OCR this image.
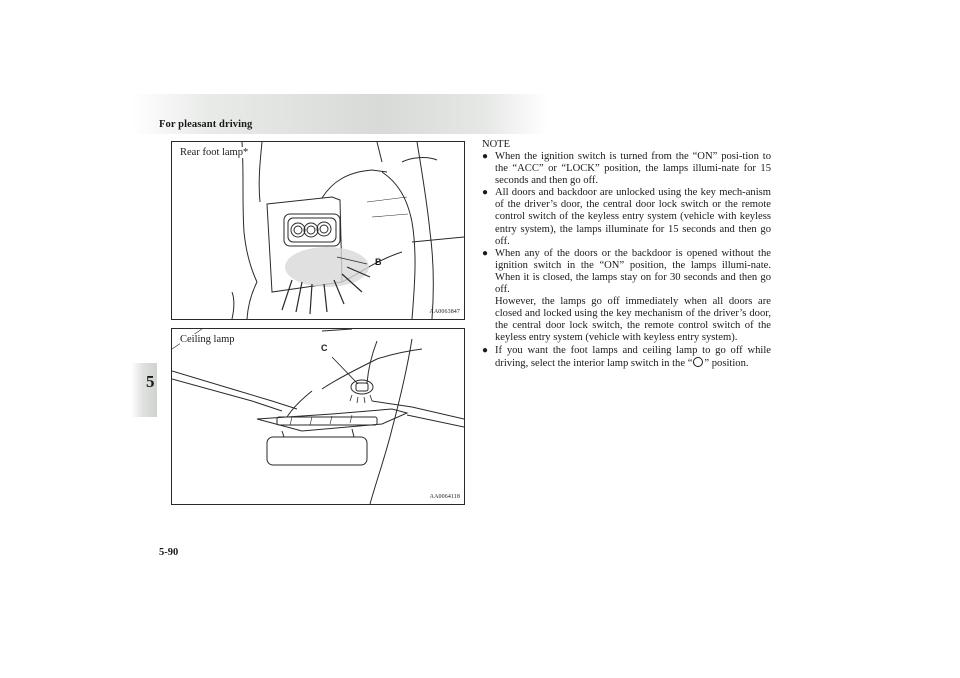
For pleasant driving
5
Rear foot lamp*
B
AA0063847
Ceiling lamp
C
AA0064118
NOTE
● When the ignition switch is turned from the “ON” posi-tion to the “ACC” or “LOCK” position, the lamps illumi-nate for 15 seconds and then go off.
● All doors and backdoor are unlocked using the key mech-anism of the driver’s door, the central door lock switch or the remote control switch of the keyless entry system (vehicle with keyless entry system), the lamps illuminate for 15 seconds and then go off.
● When any of the doors or the backdoor is opened without the ignition switch in the “ON” position, the lamps illumi-nate. When it is closed, the lamps stay on for 30 seconds and then go off.
However, the lamps go off immediately when all doors are closed and locked using the key mechanism of the driver’s door, the central door lock switch, the remote control switch of the keyless entry system (vehicle with keyless entry system).
● If you want the foot lamps and ceiling lamp to go off while driving, select the interior lamp switch in the “ ” position.
5-90
